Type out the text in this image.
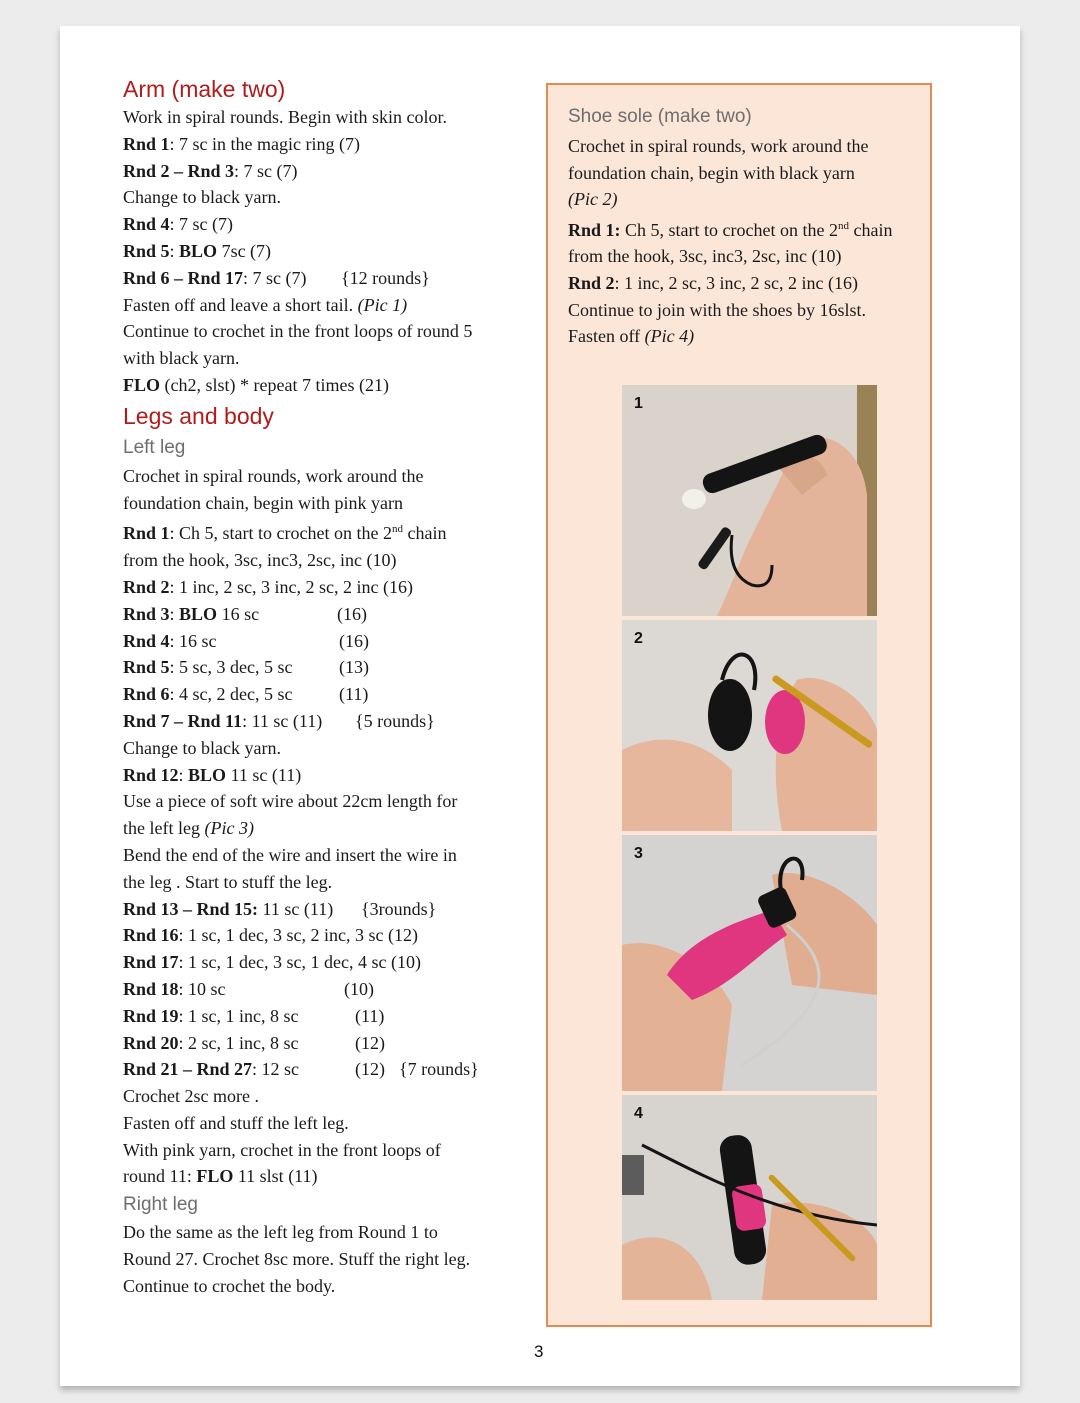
Arm (make two)
Work in spiral rounds. Begin with skin color.
Rnd 1: 7 sc in the magic ring (7)
Rnd 2 – Rnd 3: 7 sc (7)
Change to black yarn.
Rnd 4: 7 sc (7)
Rnd 5: BLO 7sc (7)
Rnd 6 – Rnd 17: 7 sc (7) {12 rounds}
Fasten off and leave a short tail. (Pic 1)
Continue to crochet in the front loops of round 5
with black yarn.
FLO (ch2, slst) * repeat 7 times (21)
Legs and body
Left leg
Crochet in spiral rounds, work around the
foundation chain, begin with pink yarn
Rnd 1: Ch 5, start to crochet on the 2nd chain
from the hook, 3sc, inc3, 2sc, inc (10)
Rnd 2: 1 inc, 2 sc, 3 inc, 2 sc, 2 inc (16)
Rnd 3: BLO 16 sc	(16)
Rnd 4: 16 sc	(16)
Rnd 5: 5 sc, 3 dec, 5 sc	(13)
Rnd 6: 4 sc, 2 dec, 5 sc	(11)
Rnd 7 – Rnd 11: 11 sc (11) {5 rounds}
Change to black yarn.
Rnd 12: BLO 11 sc (11)
Use a piece of soft wire about 22cm length for
the left leg (Pic 3)
Bend the end of the wire and insert the wire in
the leg . Start to stuff the leg.
Rnd 13 – Rnd 15: 11 sc (11) {3rounds}
Rnd 16: 1 sc, 1 dec, 3 sc, 2 inc, 3 sc (12)
Rnd 17: 1 sc, 1 dec, 3 sc, 1 dec, 4 sc (10)
Rnd 18: 10 sc	(10)
Rnd 19: 1 sc, 1 inc, 8 sc	(11)
Rnd 20: 2 sc, 1 inc, 8 sc	(12)
Rnd 21 – Rnd 27: 12 sc	(12) {7 rounds}
Crochet 2sc more .
Fasten off and stuff the left leg.
With pink yarn, crochet in the front loops of
round 11: FLO 11 slst (11)
Right leg
Do the same as the left leg from Round 1 to
Round 27. Crochet 8sc more. Stuff the right leg.
Continue to crochet the body.
Shoe sole (make two)
Crochet in spiral rounds, work around the
foundation chain, begin with black yarn
(Pic 2)
Rnd 1: Ch 5, start to crochet on the 2nd chain
from the hook, 3sc, inc3, 2sc, inc (10)
Rnd 2: 1 inc, 2 sc, 3 inc, 2 sc, 2 inc (16)
Continue to join with the shoes by 16slst.
Fasten off (Pic 4)
1
2
3
4
3
